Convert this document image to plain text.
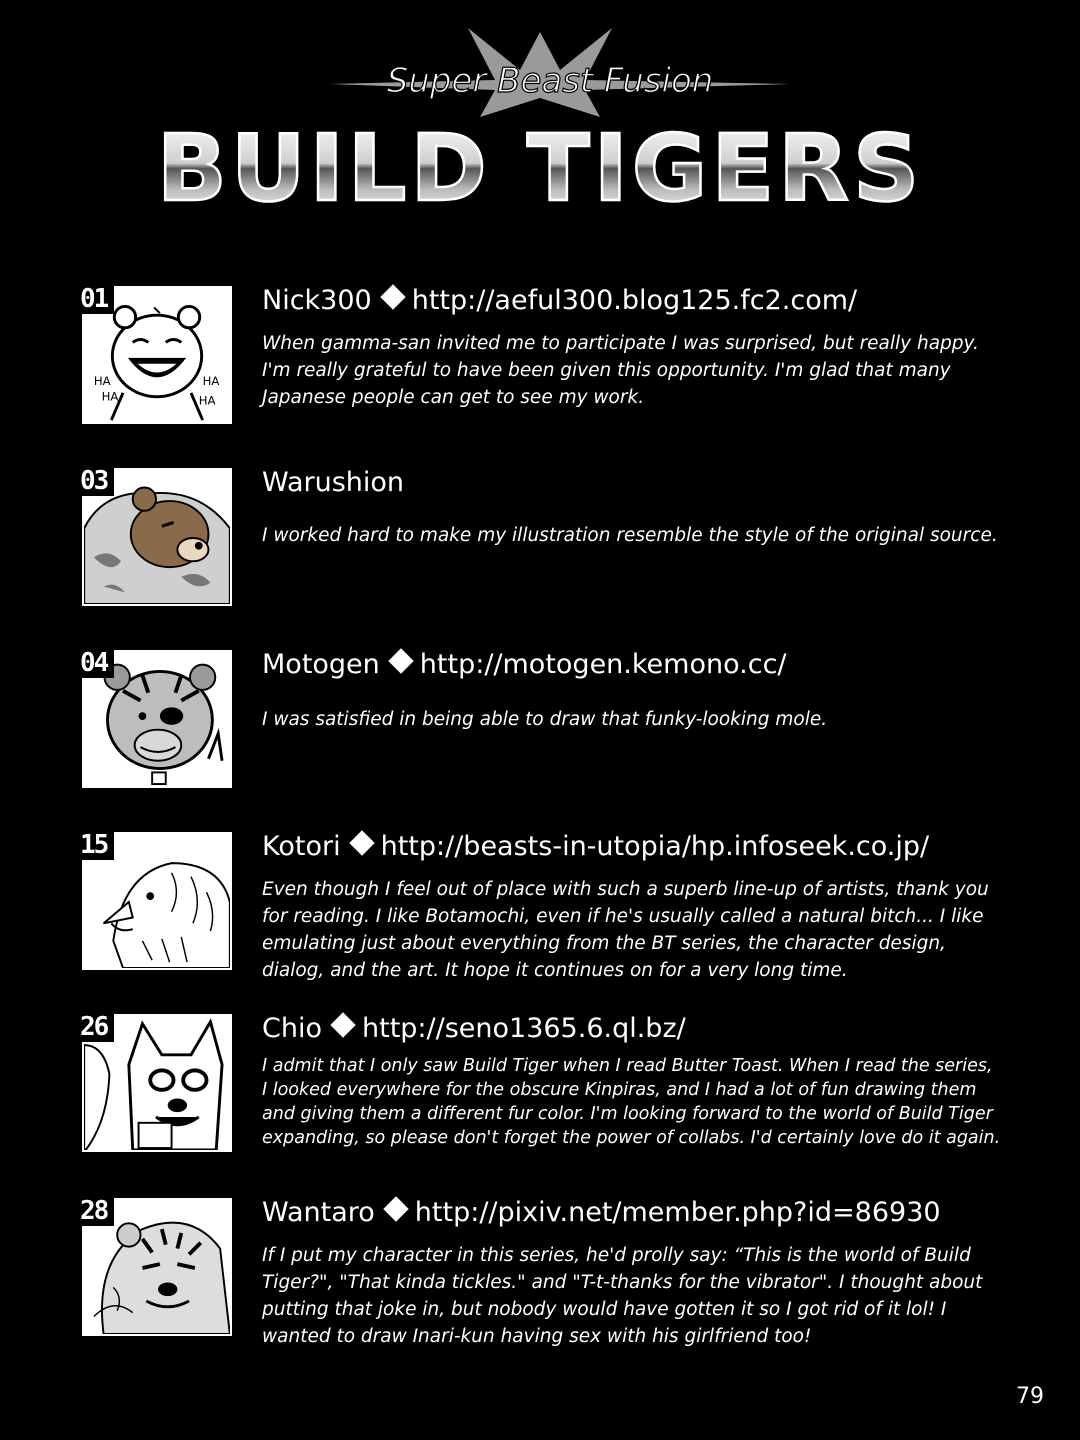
Super Beast Fusion
BUILD TIGERS
HA
HA
HA
HA
01	Nick300 http://aeful300.blog125.fc2.com/

When gamma-san invited me to participate I was surprised, but really happy. I'm really grateful to have been given this opportunity. I'm glad that many Japanese people can get to see my work.

03	Warushion

I worked hard to make my illustration resemble the style of the original source.

04	Motogen http://motogen.kemono.cc/

I was satisfied in being able to draw that funky-looking mole.

15	Kotori http://beasts-in-utopia/hp.infoseek.co.jp/

Even though I feel out of place with such a superb line-up of artists, thank you for reading. I like Botamochi, even if he's usually called a natural bitch... I like emulating just about everything from the BT series, the character design, dialog, and the art. It hope it continues on for a very long time.

26	Chio http://seno1365.6.ql.bz/

I admit that I only saw Build Tiger when I read Butter Toast. When I read the series, I looked everywhere for the obscure Kinpiras, and I had a lot of fun drawing them and giving them a different fur color. I'm looking forward to the world of Build Tiger expanding, so please don't forget the power of collabs. I'd certainly love do it again.

28	Wantaro http://pixiv.net/member.php?id=86930

If I put my character in this series, he'd prolly say: “This is the world of Build Tiger?", "That kinda tickles." and "T-t-thanks for the vibrator". I thought about putting that joke in, but nobody would have gotten it so I got rid of it lol! I wanted to draw Inari-kun having sex with his girlfriend too!

79
